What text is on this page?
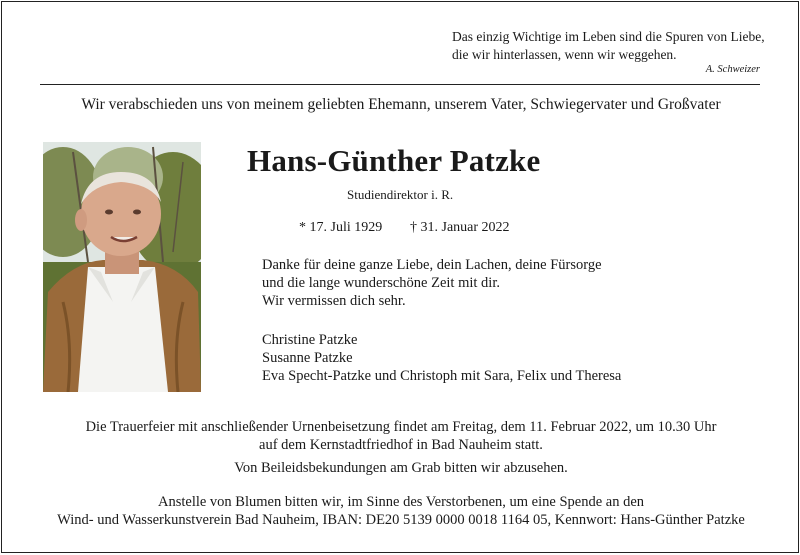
Das einzig Wichtige im Leben sind die Spuren von Liebe,
die wir hinterlassen, wenn wir weggehen.
A. Schweizer
Wir verabschieden uns von meinem geliebten Ehemann, unserem Vater, Schwiegervater und Großvater
Hans-Günther Patzke
Studiendirektor i. R.
* 17. Juli 1929 † 31. Januar 2022
Danke für deine ganze Liebe, dein Lachen, deine Fürsorge
und die lange wunderschöne Zeit mit dir.
Wir vermissen dich sehr.
Christine Patzke
Susanne Patzke
Eva Specht-Patzke und Christoph mit Sara, Felix und Theresa
Die Trauerfeier mit anschließender Urnenbeisetzung findet am Freitag, dem 11. Februar 2022, um 10.30 Uhr
auf dem Kernstadtfriedhof in Bad Nauheim statt.
Von Beileidsbekundungen am Grab bitten wir abzusehen.
Anstelle von Blumen bitten wir, im Sinne des Verstorbenen, um eine Spende an den
Wind- und Wasserkunstverein Bad Nauheim, IBAN: DE20 5139 0000 0018 1164 05, Kennwort: Hans-Günther Patzke
